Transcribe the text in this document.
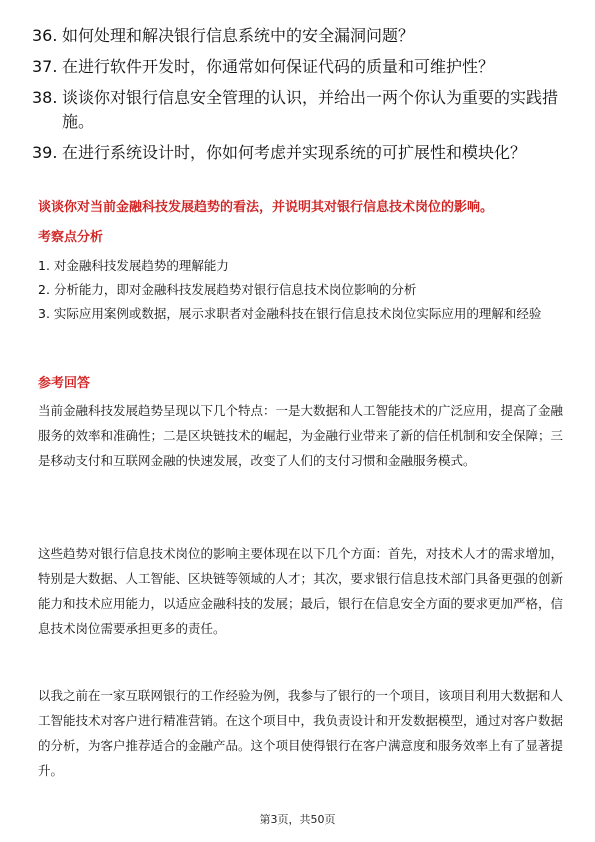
36. 如何处理和解决银行信息系统中的安全漏洞问题？
37. 在进行软件开发时，你通常如何保证代码的质量和可维护性？
38. 谈谈你对银行信息安全管理的认识，并给出一两个你认为重要的实践措施。
39. 在进行系统设计时，你如何考虑并实现系统的可扩展性和模块化？
谈谈你对当前金融科技发展趋势的看法，并说明其对银行信息技术岗位的影响。
考察点分析
1. 对金融科技发展趋势的理解能力
2. 分析能力，即对金融科技发展趋势对银行信息技术岗位影响的分析
3. 实际应用案例或数据，展示求职者对金融科技在银行信息技术岗位实际应用的理解和经验
参考回答
当前金融科技发展趋势呈现以下几个特点：一是大数据和人工智能技术的广泛应用，提高了金融服务的效率和准确性；二是区块链技术的崛起，为金融行业带来了新的信任机制和安全保障；三是移动支付和互联网金融的快速发展，改变了人们的支付习惯和金融服务模式。
这些趋势对银行信息技术岗位的影响主要体现在以下几个方面：首先，对技术人才的需求增加，特别是大数据、人工智能、区块链等领域的人才；其次，要求银行信息技术部门具备更强的创新能力和技术应用能力，以适应金融科技的发展；最后，银行在信息安全方面的要求更加严格，信息技术岗位需要承担更多的责任。
以我之前在一家互联网银行的工作经验为例，我参与了银行的一个项目，该项目利用大数据和人工智能技术对客户进行精准营销。在这个项目中，我负责设计和开发数据模型，通过对客户数据的分析，为客户推荐适合的金融产品。这个项目使得银行在客户满意度和服务效率上有了显著提升。
第3页，共50页
